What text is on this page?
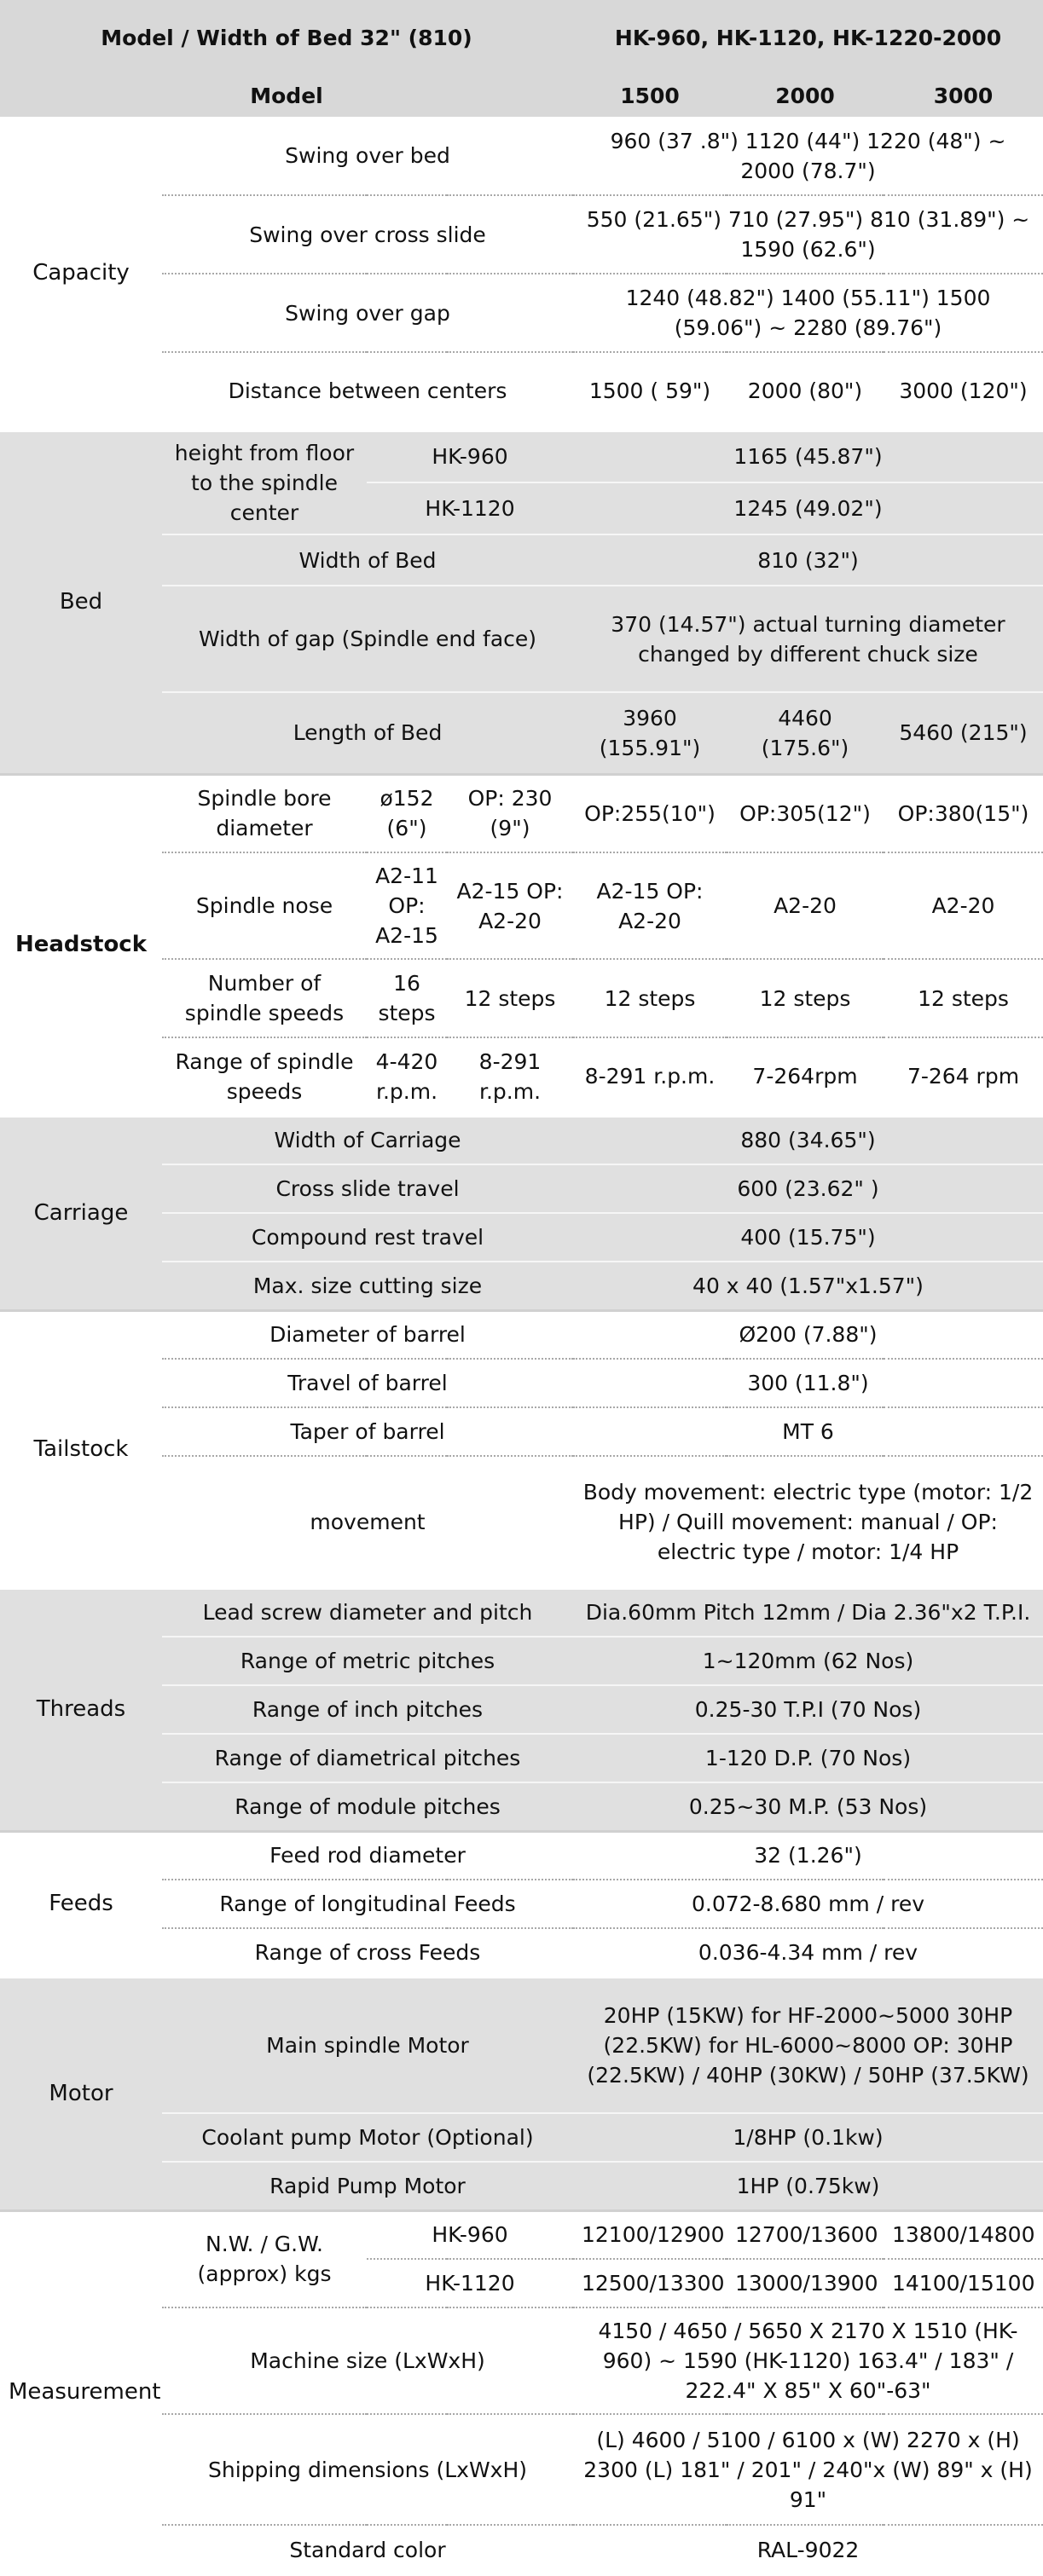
Model / Width of Bed 32" (810)				HK-960, HK-1120, HK-1220-2000		
Model				1500	2000	3000
Capacity	Swing over bed			960 (37 .8") 1120 (44") 1220 (48") ~ 2000 (78.7")		
	Swing over cross slide			550 (21.65") 710 (27.95") 810 (31.89") ~ 1590 (62.6")		
	Swing over gap			1240 (48.82") 1400 (55.11") 1500 (59.06") ~ 2280 (89.76")		
	Distance between centers			1500 ( 59")	2000 (80")	3000 (120")
Bed	height from floor to the spindle center	HK-960		1165 (45.87")		
		HK-1120		1245 (49.02")		
	Width of Bed			810 (32")		
	Width of gap (Spindle end face)			370 (14.57") actual turning diameter changed by different chuck size		
	Length of Bed			3960 (155.91")	4460 (175.6")	5460 (215")
Headstock	Spindle bore diameter	ø152 (6")	OP: 230 (9")	OP:255(10")	OP:305(12")	OP:380(15")
	Spindle nose	A2-11 OP: A2-15	A2-15 OP: A2-20	A2-15 OP: A2-20	A2-20	A2-20
	Number of spindle speeds	16 steps	12 steps	12 steps	12 steps	12 steps
	Range of spindle speeds	4-420 r.p.m.	8-291 r.p.m.	8-291 r.p.m.	7-264rpm	7-264 rpm
Carriage	Width of Carriage			880 (34.65")		
	Cross slide travel			600 (23.62" )		
	Compound rest travel			400 (15.75")		
	Max. size cutting size			40 x 40 (1.57"x1.57")		
Tailstock	Diameter of barrel			Ø200 (7.88")		
	Travel of barrel			300 (11.8")		
	Taper of barrel			MT 6		
	movement			Body movement: electric type (motor: 1/2 HP) / Quill movement: manual / OP: electric type / motor: 1/4 HP		
Threads	Lead screw diameter and pitch			Dia.60mm Pitch 12mm / Dia 2.36"x2 T.P.I.		
	Range of metric pitches			1~120mm (62 Nos)		
	Range of inch pitches			0.25-30 T.P.I (70 Nos)		
	Range of diametrical pitches			1-120 D.P. (70 Nos)		
	Range of module pitches			0.25~30 M.P. (53 Nos)		
Feeds	Feed rod diameter			32 (1.26")		
	Range of longitudinal Feeds			0.072-8.680 mm / rev		
	Range of cross Feeds			0.036-4.34 mm / rev		
Motor	Main spindle Motor			20HP (15KW) for HF-2000~5000 30HP (22.5KW) for HL-6000~8000 OP: 30HP (22.5KW) / 40HP (30KW) / 50HP (37.5KW)		
	Coolant pump Motor (Optional)			1/8HP (0.1kw)		
	Rapid Pump Motor			1HP (0.75kw)		
Measurement	N.W. / G.W. (approx) kgs	HK-960		12100/12900	12700/13600	13800/14800
		HK-1120		12500/13300	13000/13900	14100/15100
	Machine size (LxWxH)			4150 / 4650 / 5650 X 2170 X 1510 (HK-960) ~ 1590 (HK-1120) 163.4" / 183" / 222.4" X 85" X 60"-63"		
	Shipping dimensions (LxWxH)			(L) 4600 / 5100 / 6100 x (W) 2270 x (H) 2300 (L) 181" / 201" / 240"x (W) 89" x (H) 91"		
	Standard color			RAL-9022		
